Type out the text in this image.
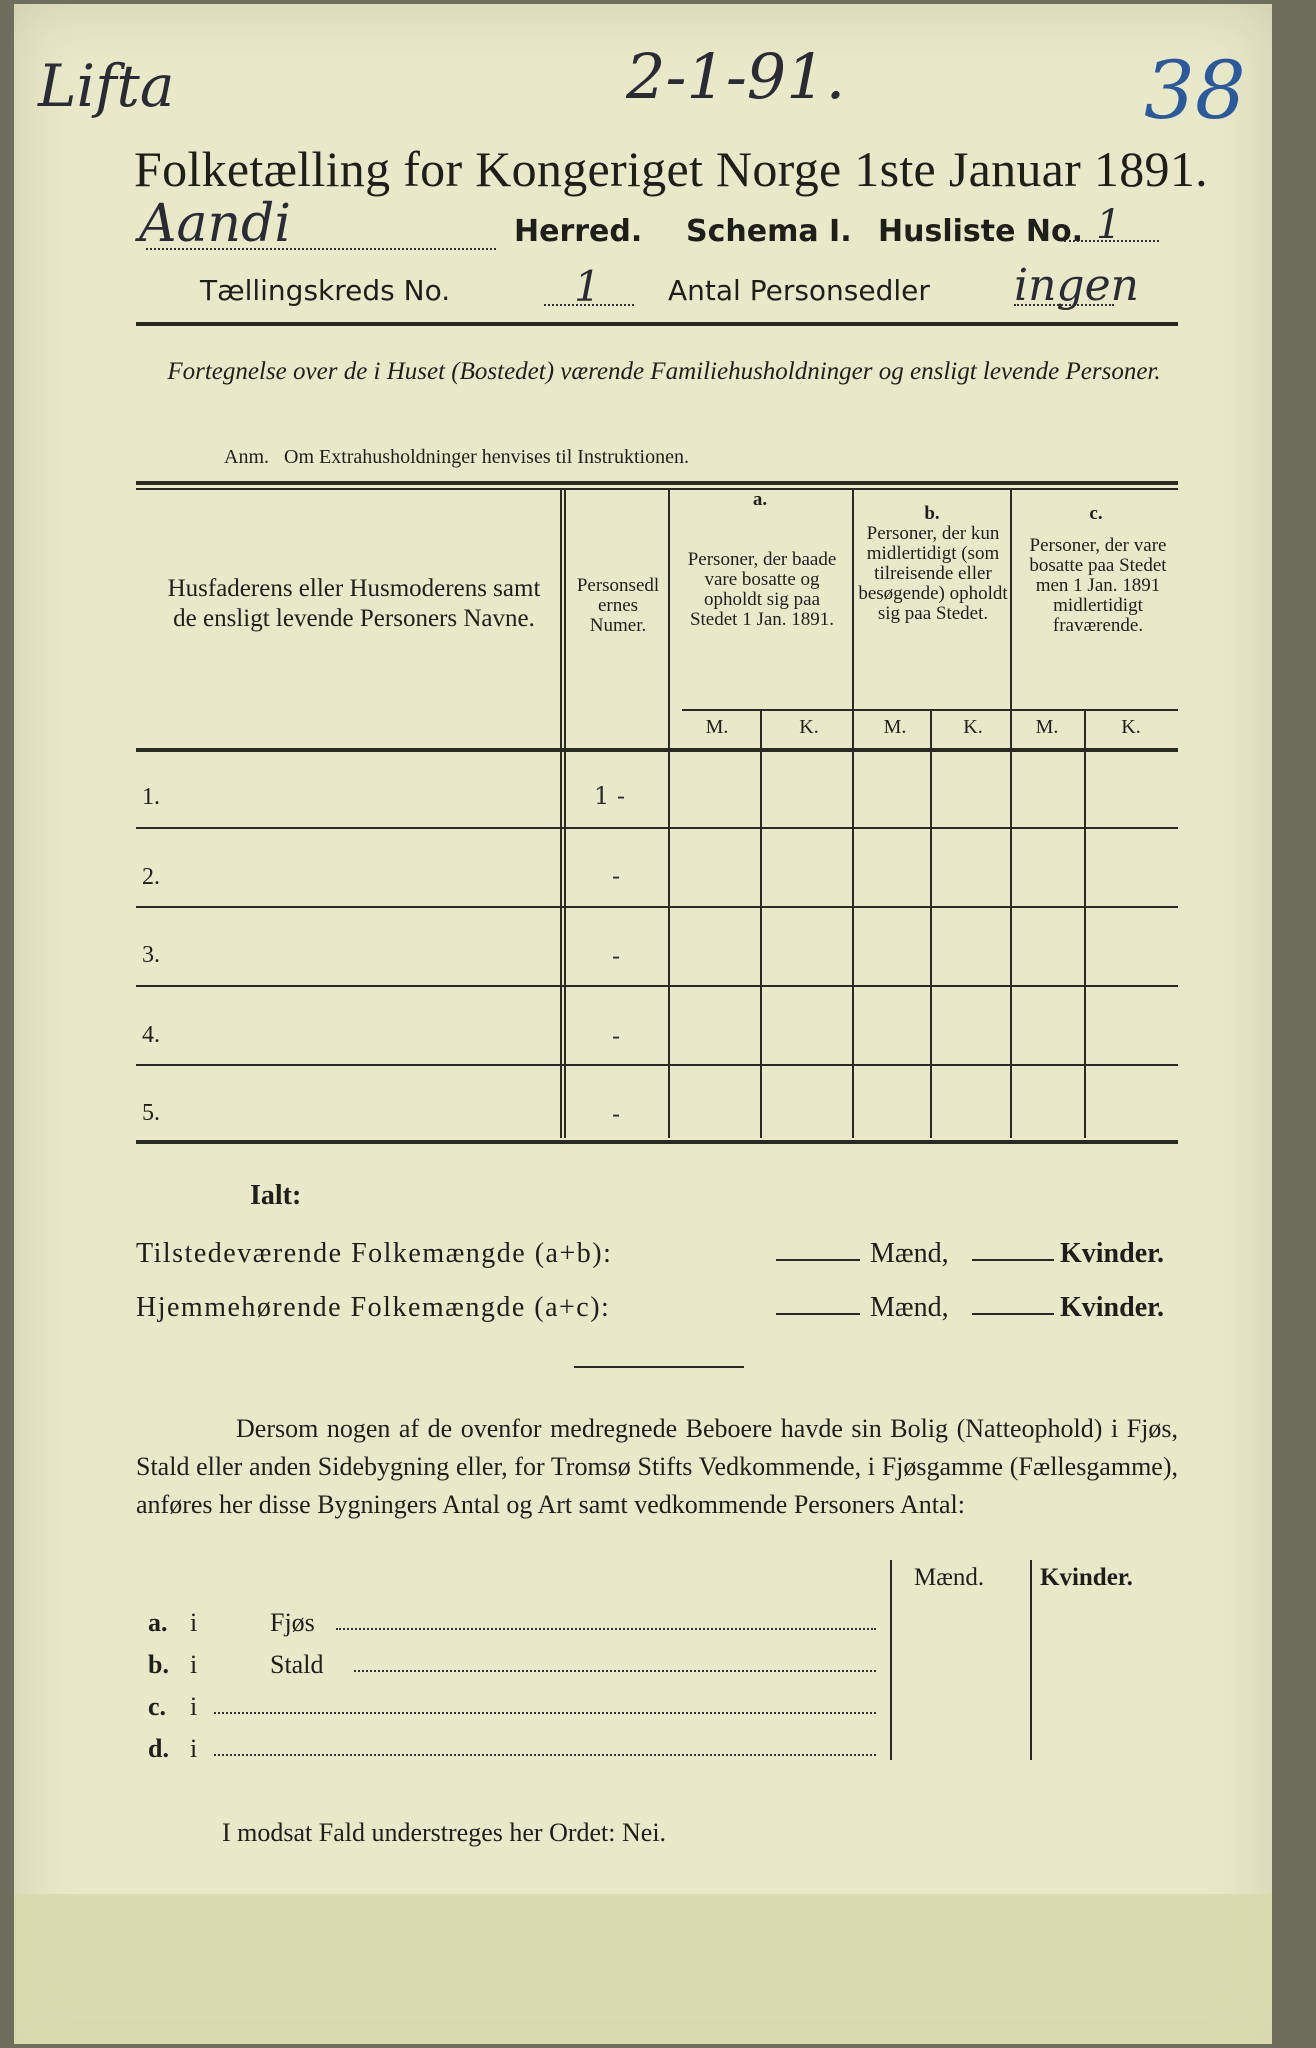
Lifta	2-1-91.	38
Folketælling for Kongeriget Norge 1ste Januar 1891.
Aandi	Herred. Schema I. Husliste No. 1
Tællingskreds No.	1 Antal Personsedler ingen
Fortegnelse over de i Huset (Bostedet) værende Familiehusholdninger og ensligt levende Personer.
Anm.   Om Extrahusholdninger henvises til Instruktionen.
Husfaderens eller Husmoderens samt de ensligt levende Personers Navne.
Personsedlernes Numer.
a.
Personer, der baade vare bosatte og opholdt sig paa Stedet 1 Jan. 1891.
b.
Personer, der kun midlertidigt (som tilreisende eller besøgende) opholdt sig paa Stedet.
c.
Personer, der vare bosatte paa Stedet men 1 Jan. 1891 midlertidigt fraværende.
M.	K.	M.	K.	M.	K.
1.	1 -
2.	-
3.	-
4.	-
5.	-
Ialt:
Tilstedeværende Folkemængde (a+b):	Mænd,	Kvinder.
Hjemmehørende Folkemængde (a+c):	Mænd,	Kvinder.
Dersom nogen af de ovenfor medregnede Beboere havde sin Bolig (Natteophold) i Fjøs, Stald eller anden Sidebygning eller, for Tromsø Stifts Vedkommende, i Fjøsgamme (Fællesgamme), anføres her disse Bygningers Antal og Art samt vedkommende Personers Antal:
Mænd. Kvinder.
a. i	Fjøs
b. i	Stald
c. i
d. i
I modsat Fald understreges her Ordet: Nei.
